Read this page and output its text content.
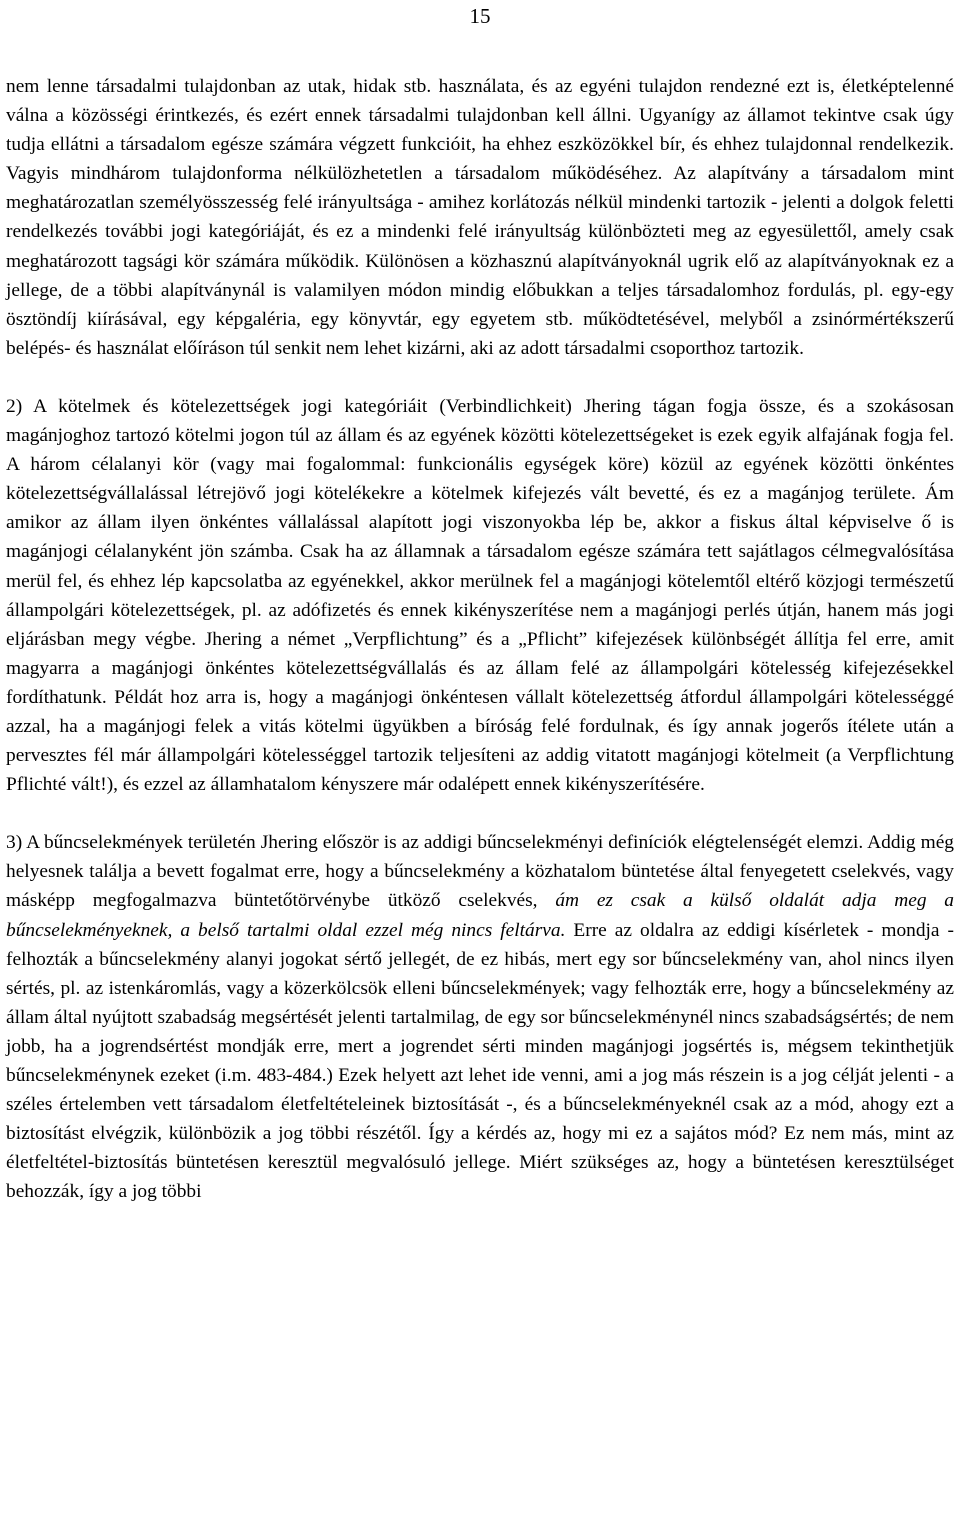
15

nem lenne társadalmi tulajdonban az utak, hidak stb. használata, és az egyéni tulajdon rendezné ezt is, életképtelenné válna a közösségi érintkezés, és ezért ennek társadalmi tulajdonban kell állni. Ugyanígy az államot tekintve csak úgy tudja ellátni a társadalom egésze számára végzett funkcióit, ha ehhez eszközökkel bír, és ehhez tulajdonnal rendelkezik. Vagyis mindhárom tulajdonforma nélkülözhetetlen a társadalom működéséhez. Az alapítvány a társadalom mint meghatározatlan személyösszesség felé irányultsága - amihez korlátozás nélkül mindenki tartozik - jelenti a dolgok feletti rendelkezés további jogi kategóriáját, és ez a mindenki felé irányultság különbözteti meg az egyesülettől, amely csak meghatározott tagsági kör számára működik. Különösen a közhasznú alapítványoknál ugrik elő az alapítványoknak ez a jellege, de a többi alapítványnál is valamilyen módon mindig előbukkan a teljes társadalomhoz fordulás, pl. egy-egy ösztöndíj kiírásával, egy képgaléria, egy könyvtár, egy egyetem stb. működtetésével, melyből a zsinórmértékszerű belépés- és használat előíráson túl senkit nem lehet kizárni, aki az adott társadalmi csoporthoz tartozik.

2) A kötelmek és kötelezettségek jogi kategóriáit (Verbindlichkeit) Jhering tágan fogja össze, és a szokásosan magánjoghoz tartozó kötelmi jogon túl az állam és az egyének közötti kötelezettségeket is ezek egyik alfajának fogja fel. A három célalanyi kör (vagy mai fogalommal: funkcionális egységek köre) közül az egyének közötti önkéntes kötelezettségvállalással létrejövő jogi kötelékekre a kötelmek kifejezés vált bevetté, és ez a magánjog területe. Ám amikor az állam ilyen önkéntes vállalással alapított jogi viszonyokba lép be, akkor a fiskus által képviselve ő is magánjogi célalanyként jön számba. Csak ha az államnak a társadalom egésze számára tett sajátlagos célmegvalósítása merül fel, és ehhez lép kapcsolatba az egyénekkel, akkor merülnek fel a magánjogi kötelemtől eltérő közjogi természetű állampolgári kötelezettségek, pl. az adófizetés és ennek kikényszerítése nem a magánjogi perlés útján, hanem más jogi eljárásban megy végbe. Jhering a német „Verpflichtung” és a „Pflicht” kifejezések különbségét állítja fel erre, amit magyarra a magánjogi önkéntes kötelezettségvállalás és az állam felé az állampolgári kötelesség kifejezésekkel fordíthatunk. Példát hoz arra is, hogy a magánjogi önkéntesen vállalt kötelezettség átfordul állampolgári kötelességgé azzal, ha a magánjogi felek a vitás kötelmi ügyükben a bíróság felé fordulnak, és így annak jogerős ítélete után a pervesztes fél már állampolgári kötelességgel tartozik teljesíteni az addig vitatott magánjogi kötelmeit (a Verpflichtung Pflichté vált!), és ezzel az államhatalom kényszere már odalépett ennek kikényszerítésére.

3) A bűncselekmények területén Jhering először is az addigi bűncselekményi definíciók elégtelenségét elemzi. Addig még helyesnek találja a bevett fogalmat erre, hogy a bűncselekmény a közhatalom büntetése által fenyegetett cselekvés, vagy másképp megfogalmazva büntetőtörvénybe ütköző cselekvés, ám ez csak a külső oldalát adja meg a bűncselekményeknek, a belső tartalmi oldal ezzel még nincs feltárva. Erre az oldalra az eddigi kísérletek - mondja - felhozták a bűncselekmény alanyi jogokat sértő jellegét, de ez hibás, mert egy sor bűncselekmény van, ahol nincs ilyen sértés, pl. az istenkáromlás, vagy a közerkölcsök elleni bűncselekmények; vagy felhozták erre, hogy a bűncselekmény az állam által nyújtott szabadság megsértését jelenti tartalmilag, de egy sor bűncselekménynél nincs szabadságsértés; de nem jobb, ha a jogrendsértést mondják erre, mert a jogrendet sérti minden magánjogi jogsértés is, mégsem tekinthetjük bűncselekménynek ezeket (i.m. 483-484.) Ezek helyett azt lehet ide venni, ami a jog más részein is a jog célját jelenti - a széles értelemben vett társadalom életfeltételeinek biztosítását -, és a bűncselekményeknél csak az a mód, ahogy ezt a biztosítást elvégzik, különbözik a jog többi részétől. Így a kérdés az, hogy mi ez a sajátos mód? Ez nem más, mint az életfeltétel-biztosítás büntetésen keresztül megvalósuló jellege. Miért szükséges az, hogy a büntetésen keresztülséget behozzák, így a jog többi
